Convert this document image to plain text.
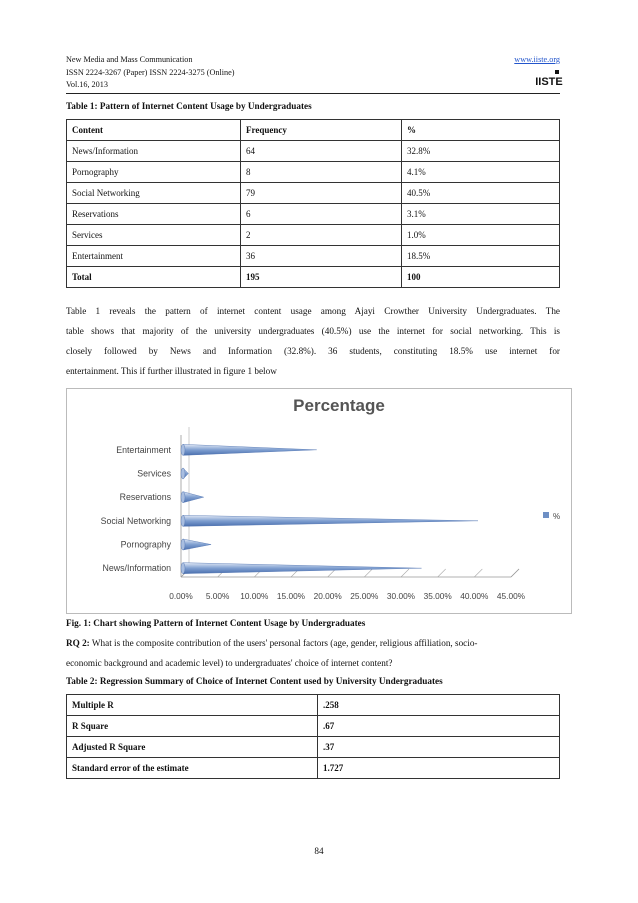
New Media and Mass Communication
ISSN 2224-3267 (Paper) ISSN 2224-3275 (Online)
Vol.16, 2013
www.iiste.org
IISTE
Table 1: Pattern of Internet Content Usage by Undergraduates
Content	Frequency	%
News/Information	64	32.8%
Pornography	8	4.1%
Social Networking	79	40.5%
Reservations	6	3.1%
Services	2	1.0%
Entertainment	36	18.5%
Total	195	100
Table 1 reveals the pattern of internet content usage among Ajayi Crowther University Undergraduates. The
table shows that majority of the university undergraduates (40.5%) use the internet for social networking. This is
closely followed by News and Information (32.8%). 36 students, constituting 18.5% use internet for
entertainment. This if further illustrated in figure 1 below
Percentage
0.00% 5.00% 10.00% 15.00% 20.00% 25.00% 30.00% 35.00% 40.00% 45.00%
News/Information
Pornography
Social Networking
Reservations
Services
Entertainment
%
Fig. 1: Chart showing Pattern of Internet Content Usage by Undergraduates
RQ 2: What is the composite contribution of the users' personal factors (age, gender, religious affiliation, socio-
economic background and academic level) to undergraduates' choice of internet content?
Table 2: Regression Summary of Choice of Internet Content used by University Undergraduates
Multiple R	.258
R Square	.67
Adjusted R Square	.37
Standard error of the estimate	1.727
84
